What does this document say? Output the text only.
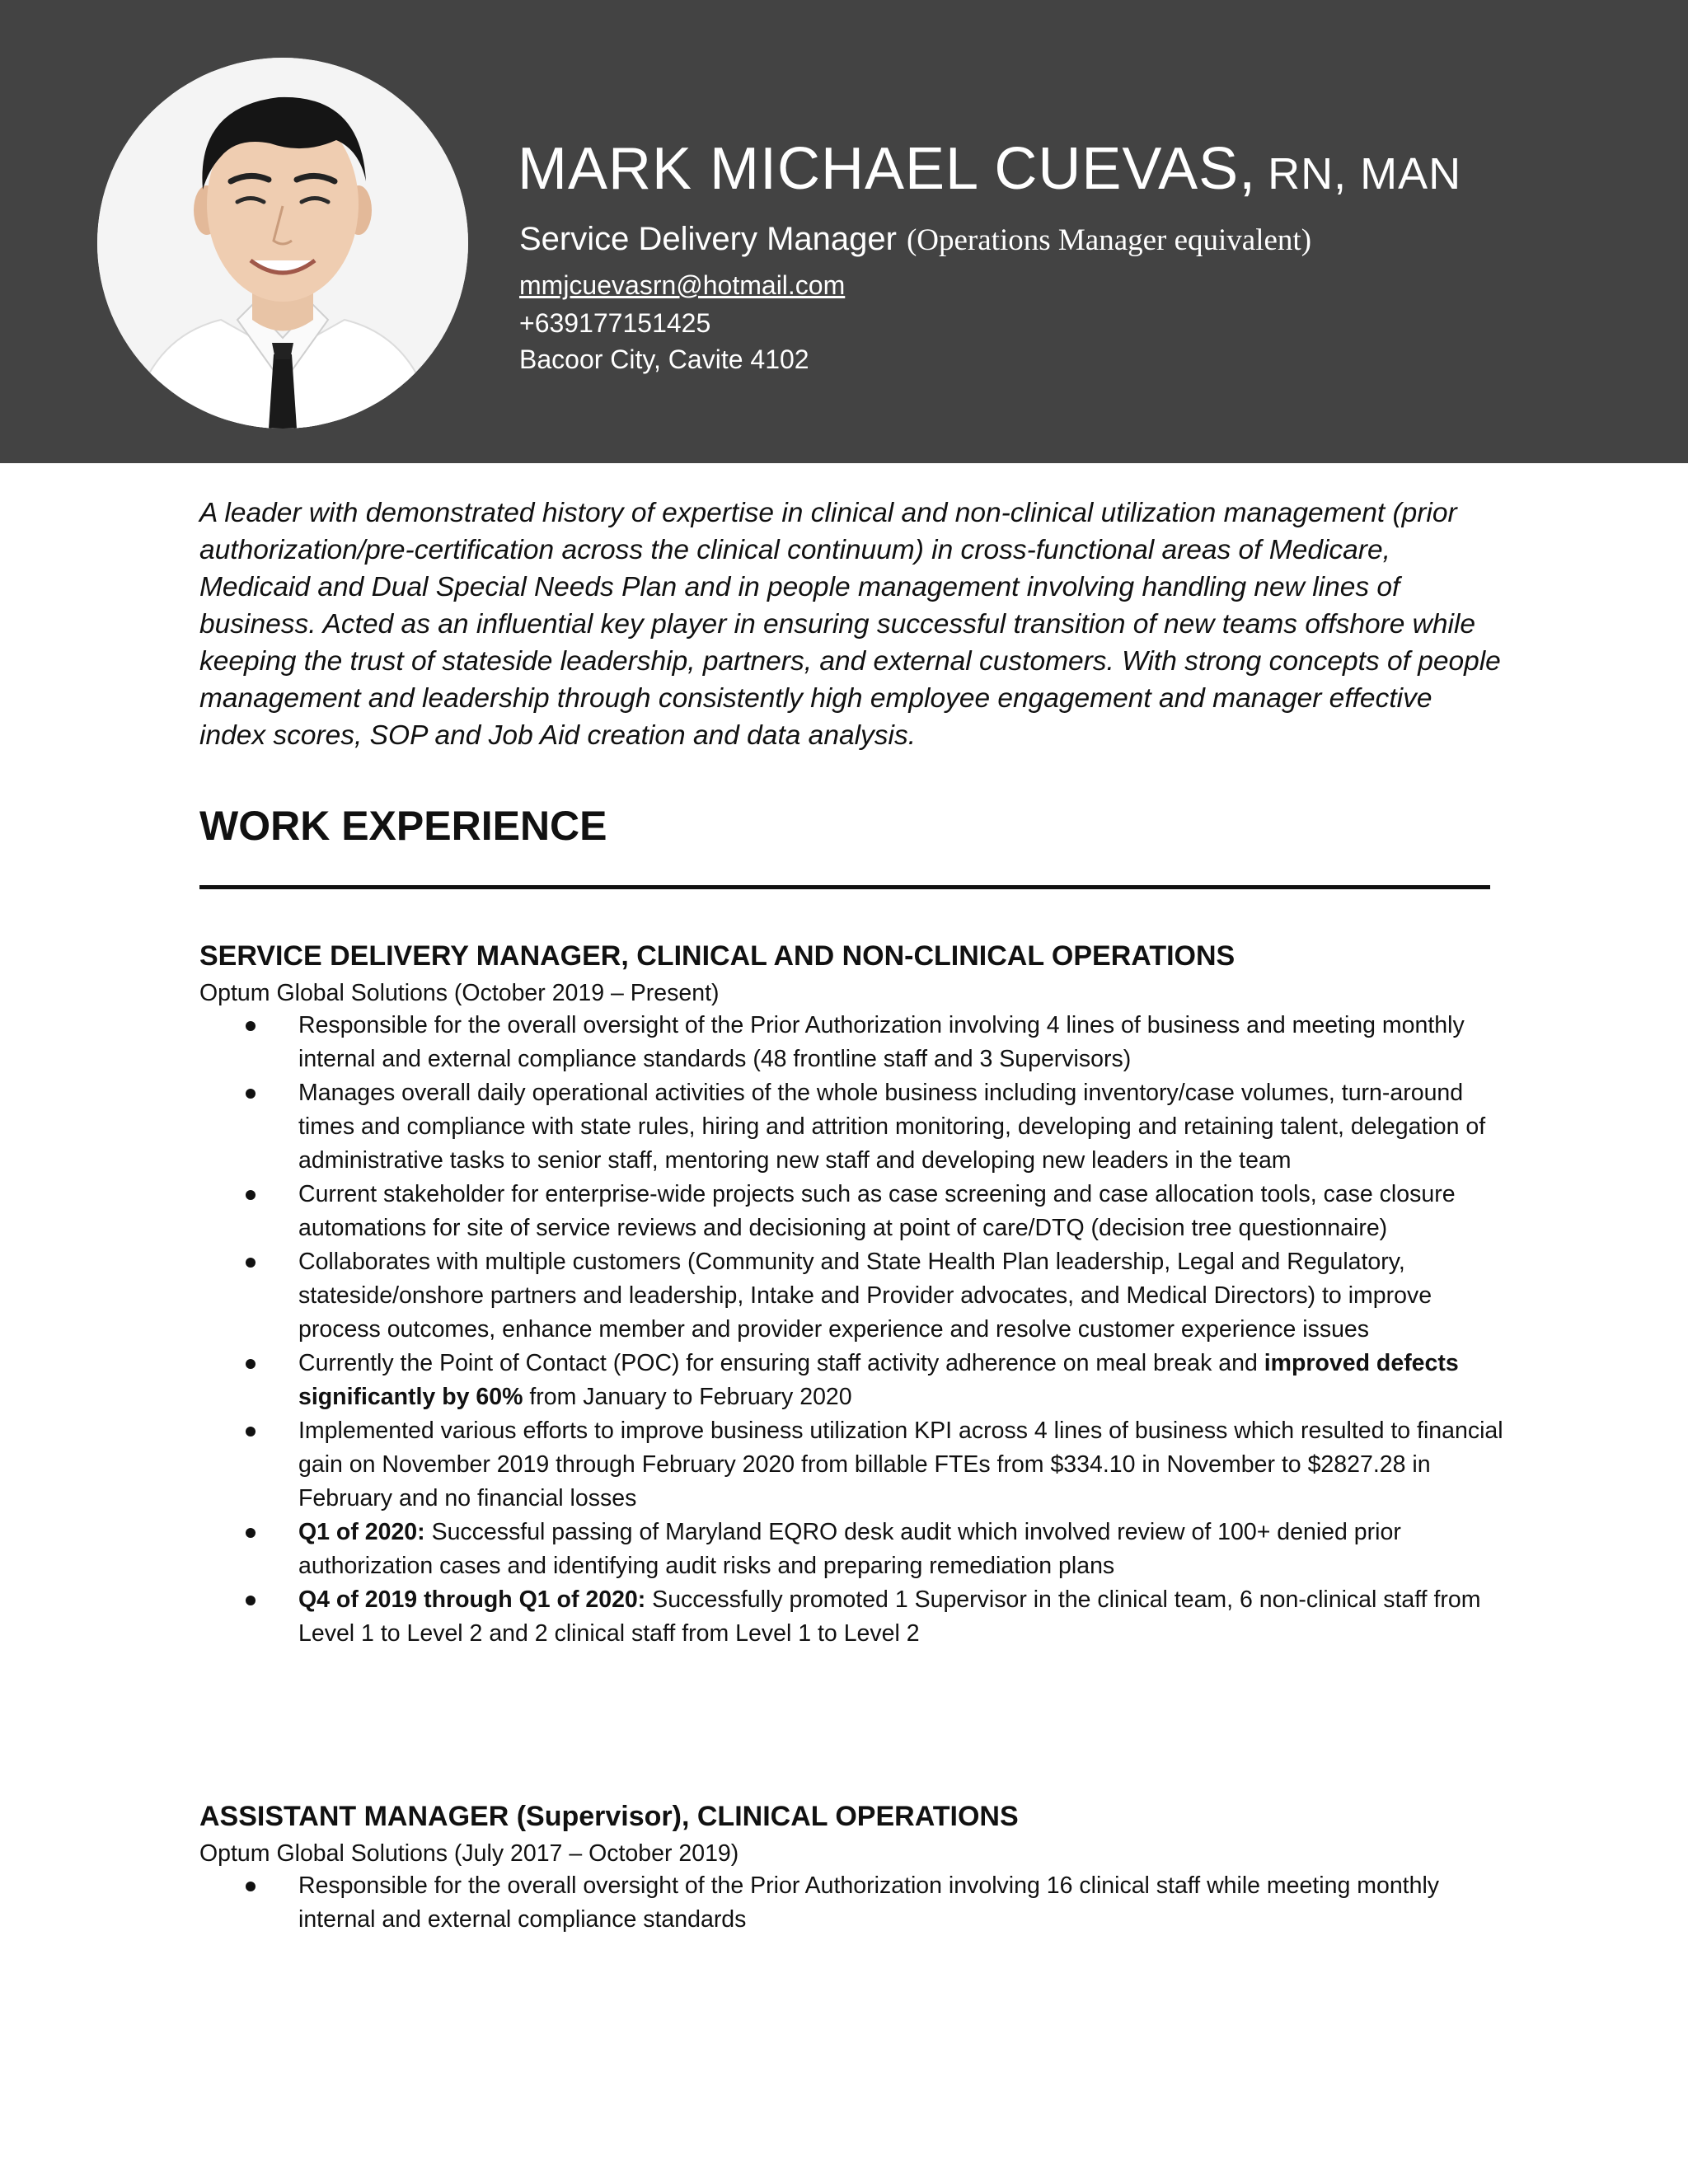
MARK MICHAEL CUEVAS, RN, MAN
Service Delivery Manager (Operations Manager equivalent)
mmjcuevasrn@hotmail.com
+639177151425
Bacoor City, Cavite 4102

A leader with demonstrated history of expertise in clinical and non-clinical utilization management (prior authorization/pre-certification across the clinical continuum) in cross-functional areas of Medicare, Medicaid and Dual Special Needs Plan and in people management involving handling new lines of business. Acted as an influential key player in ensuring successful transition of new teams offshore while keeping the trust of stateside leadership, partners, and external customers. With strong concepts of people management and leadership through consistently high employee engagement and manager effective index scores, SOP and Job Aid creation and data analysis.

WORK EXPERIENCE
SERVICE DELIVERY MANAGER, CLINICAL AND NON-CLINICAL OPERATIONS
Optum Global Solutions (October 2019 – Present)
Responsible for the overall oversight of the Prior Authorization involving 4 lines of business and meeting monthly internal and external compliance standards (48 frontline staff and 3 Supervisors)
Manages overall daily operational activities of the whole business including inventory/case volumes, turn-around times and compliance with state rules, hiring and attrition monitoring, developing and retaining talent, delegation of administrative tasks to senior staff, mentoring new staff and developing new leaders in the team
Current stakeholder for enterprise-wide projects such as case screening and case allocation tools, case closure automations for site of service reviews and decisioning at point of care/DTQ (decision tree questionnaire)
Collaborates with multiple customers (Community and State Health Plan leadership, Legal and Regulatory, stateside/onshore partners and leadership, Intake and Provider advocates, and Medical Directors) to improve process outcomes, enhance member and provider experience and resolve customer experience issues
Currently the Point of Contact (POC) for ensuring staff activity adherence on meal break and improved defects significantly by 60% from January to February 2020
Implemented various efforts to improve business utilization KPI across 4 lines of business which resulted to financial gain on November 2019 through February 2020 from billable FTEs from $334.10 in November to $2827.28 in February and no financial losses
Q1 of 2020: Successful passing of Maryland EQRO desk audit which involved review of 100+ denied prior authorization cases and identifying audit risks and preparing remediation plans
Q4 of 2019 through Q1 of 2020: Successfully promoted 1 Supervisor in the clinical team, 6 non-clinical staff from Level 1 to Level 2 and 2 clinical staff from Level 1 to Level 2
ASSISTANT MANAGER (Supervisor), CLINICAL OPERATIONS
Optum Global Solutions (July 2017 – October 2019)
Responsible for the overall oversight of the Prior Authorization involving 16 clinical staff while meeting monthly internal and external compliance standards
